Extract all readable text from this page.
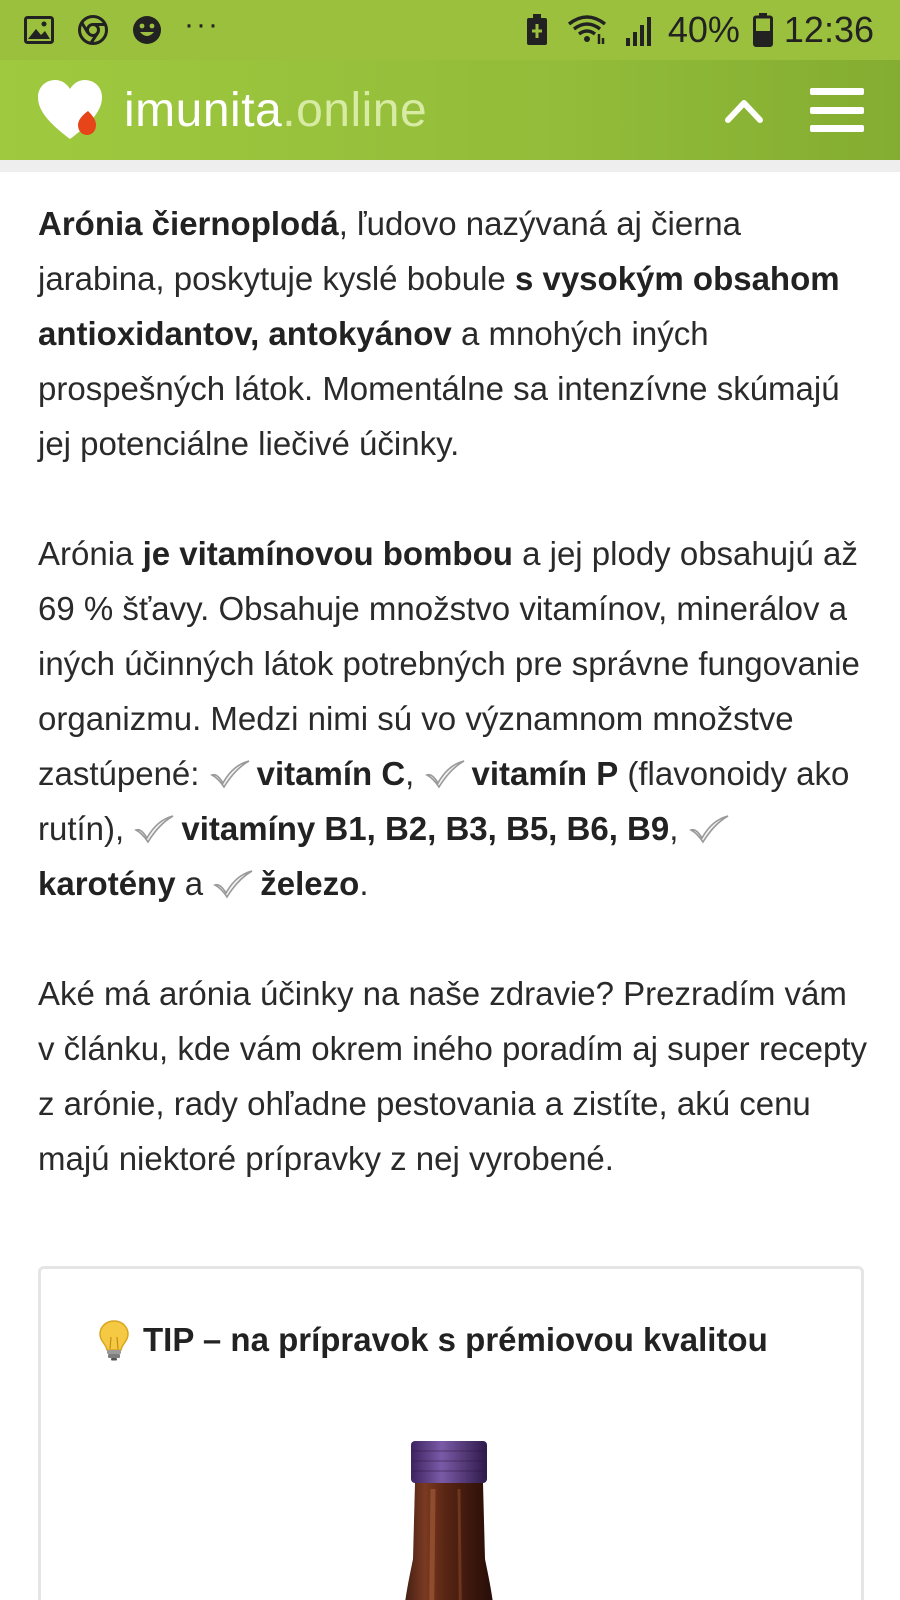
···	40% 12:36
imunita .online

Arónia čiernoplodá, ľudovo nazývaná aj čierna jarabina, poskytuje kyslé bobule s vysokým obsahom antioxidantov, antokyánov a mnohých iných prospešných látok. Momentálne sa intenzívne skúmajú jej potenciálne liečivé účinky.

Arónia je vitamínovou bombou a jej plody obsahujú až 69 % šťavy. Obsahuje množstvo vitamínov, minerálov a iných účinných látok potrebných pre správne fungovanie organizmu. Medzi nimi sú vo významnom množstve zastúpené: vitamín C, vitamín P (flavonoidy ako rutín), vitamíny B1, B2, B3, B5, B6, B9, karotény a železo.

Aké má arónia účinky na naše zdravie? Prezradím vám v článku, kde vám okrem iného poradím aj super recepty z arónie, rady ohľadne pestovania a zistíte, akú cenu majú niektoré prípravky z nej vyrobené.

TIP – na prípravok s prémiovou kvalitou
